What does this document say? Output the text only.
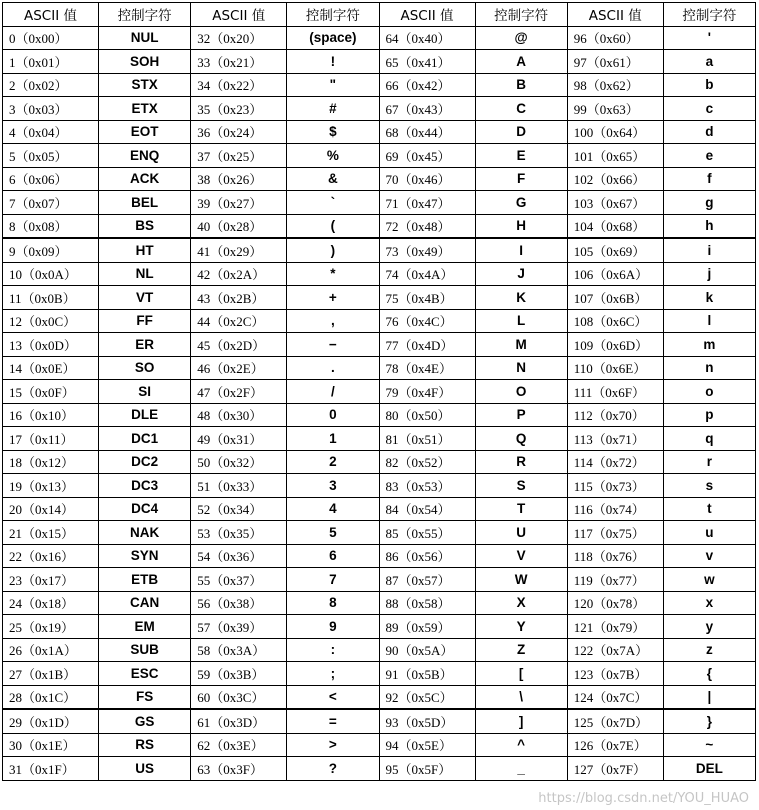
ASCII 值	控制字符	ASCII 值	控制字符	ASCII 值	控制字符	ASCII 值	控制字符
0（0x00）	NUL	32（0x20）	(space)	64（0x40）	@	96（0x60）	'
1（0x01）	SOH	33（0x21）	!	65（0x41）	A	97（0x61）	a
2（0x02）	STX	34（0x22）	"	66（0x42）	B	98（0x62）	b
3（0x03）	ETX	35（0x23）	#	67（0x43）	C	99（0x63）	c
4（0x04）	EOT	36（0x24）	$	68（0x44）	D	100（0x64）	d
5（0x05）	ENQ	37（0x25）	%	69（0x45）	E	101（0x65）	e
6（0x06）	ACK	38（0x26）	&	70（0x46）	F	102（0x66）	f
7（0x07）	BEL	39（0x27）	`	71（0x47）	G	103（0x67）	g
8（0x08）	BS	40（0x28）	(	72（0x48）	H	104（0x68）	h
9（0x09）	HT	41（0x29）	)	73（0x49）	I	105（0x69）	i
10（0x0A）	NL	42（0x2A）	*	74（0x4A）	J	106（0x6A）	j
11（0x0B）	VT	43（0x2B）	+	75（0x4B）	K	107（0x6B）	k
12（0x0C）	FF	44（0x2C）	,	76（0x4C）	L	108（0x6C）	l
13（0x0D）	ER	45（0x2D）	−	77（0x4D）	M	109（0x6D）	m
14（0x0E）	SO	46（0x2E）	.	78（0x4E）	N	110（0x6E）	n
15（0x0F）	SI	47（0x2F）	/	79（0x4F）	O	111（0x6F）	o
16（0x10）	DLE	48（0x30）	0	80（0x50）	P	112（0x70）	p
17（0x11）	DC1	49（0x31）	1	81（0x51）	Q	113（0x71）	q
18（0x12）	DC2	50（0x32）	2	82（0x52）	R	114（0x72）	r
19（0x13）	DC3	51（0x33）	3	83（0x53）	S	115（0x73）	s
20（0x14）	DC4	52（0x34）	4	84（0x54）	T	116（0x74）	t
21（0x15）	NAK	53（0x35）	5	85（0x55）	U	117（0x75）	u
22（0x16）	SYN	54（0x36）	6	86（0x56）	V	118（0x76）	v
23（0x17）	ETB	55（0x37）	7	87（0x57）	W	119（0x77）	w
24（0x18）	CAN	56（0x38）	8	88（0x58）	X	120（0x78）	x
25（0x19）	EM	57（0x39）	9	89（0x59）	Y	121（0x79）	y
26（0x1A）	SUB	58（0x3A）	:	90（0x5A）	Z	122（0x7A）	z
27（0x1B）	ESC	59（0x3B）	;	91（0x5B）	[	123（0x7B）	{
28（0x1C）	FS	60（0x3C）	<	92（0x5C）	\	124（0x7C）	|
29（0x1D）	GS	61（0x3D）	=	93（0x5D）	]	125（0x7D）	}
30（0x1E）	RS	62（0x3E）	>	94（0x5E）	^	126（0x7E）	~
31（0x1F）	US	63（0x3F）	?	95（0x5F）	_	127（0x7F）	DEL
https://blog.csdn.net/YOU_HUAO
